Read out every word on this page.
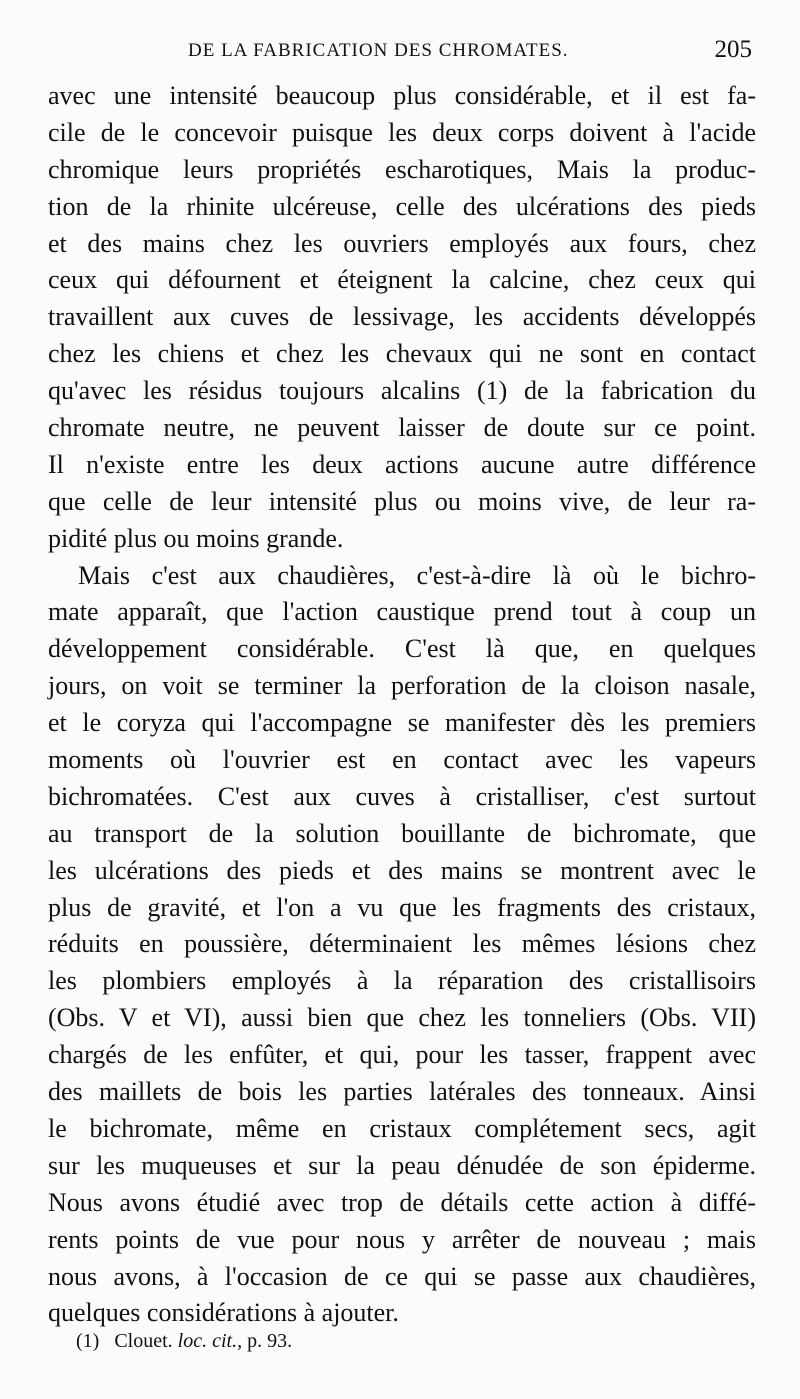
DE LA FABRICATION DES CHROMATES.	205
avec une intensité beaucoup plus considérable, et il est fa-
cile de le concevoir puisque les deux corps doivent à l'acide
chromique leurs propriétés escharotiques, Mais la produc-
tion de la rhinite ulcéreuse, celle des ulcérations des pieds
et des mains chez les ouvriers employés aux fours, chez
ceux qui défournent et éteignent la calcine, chez ceux qui
travaillent aux cuves de lessivage, les accidents développés
chez les chiens et chez les chevaux qui ne sont en contact
qu'avec les résidus toujours alcalins (1) de la fabrication du
chromate neutre, ne peuvent laisser de doute sur ce point.
Il n'existe entre les deux actions aucune autre différence
que celle de leur intensité plus ou moins vive, de leur ra-
pidité plus ou moins grande.
Mais c'est aux chaudières, c'est-à-dire là où le bichro-
mate apparaît, que l'action caustique prend tout à coup un
développement considérable. C'est là que, en quelques
jours, on voit se terminer la perforation de la cloison nasale,
et le coryza qui l'accompagne se manifester dès les premiers
moments où l'ouvrier est en contact avec les vapeurs
bichromatées. C'est aux cuves à cristalliser, c'est surtout
au transport de la solution bouillante de bichromate, que
les ulcérations des pieds et des mains se montrent avec le
plus de gravité, et l'on a vu que les fragments des cristaux,
réduits en poussière, déterminaient les mêmes lésions chez
les plombiers employés à la réparation des cristallisoirs
(Obs. V et VI), aussi bien que chez les tonneliers (Obs. VII)
chargés de les enfûter, et qui, pour les tasser, frappent avec
des maillets de bois les parties latérales des tonneaux. Ainsi
le bichromate, même en cristaux complétement secs, agit
sur les muqueuses et sur la peau dénudée de son épiderme.
Nous avons étudié avec trop de détails cette action à diffé-
rents points de vue pour nous y arrêter de nouveau ; mais
nous avons, à l'occasion de ce qui se passe aux chaudières,
quelques considérations à ajouter.
(1) Clouet. loc. cit., p. 93.
